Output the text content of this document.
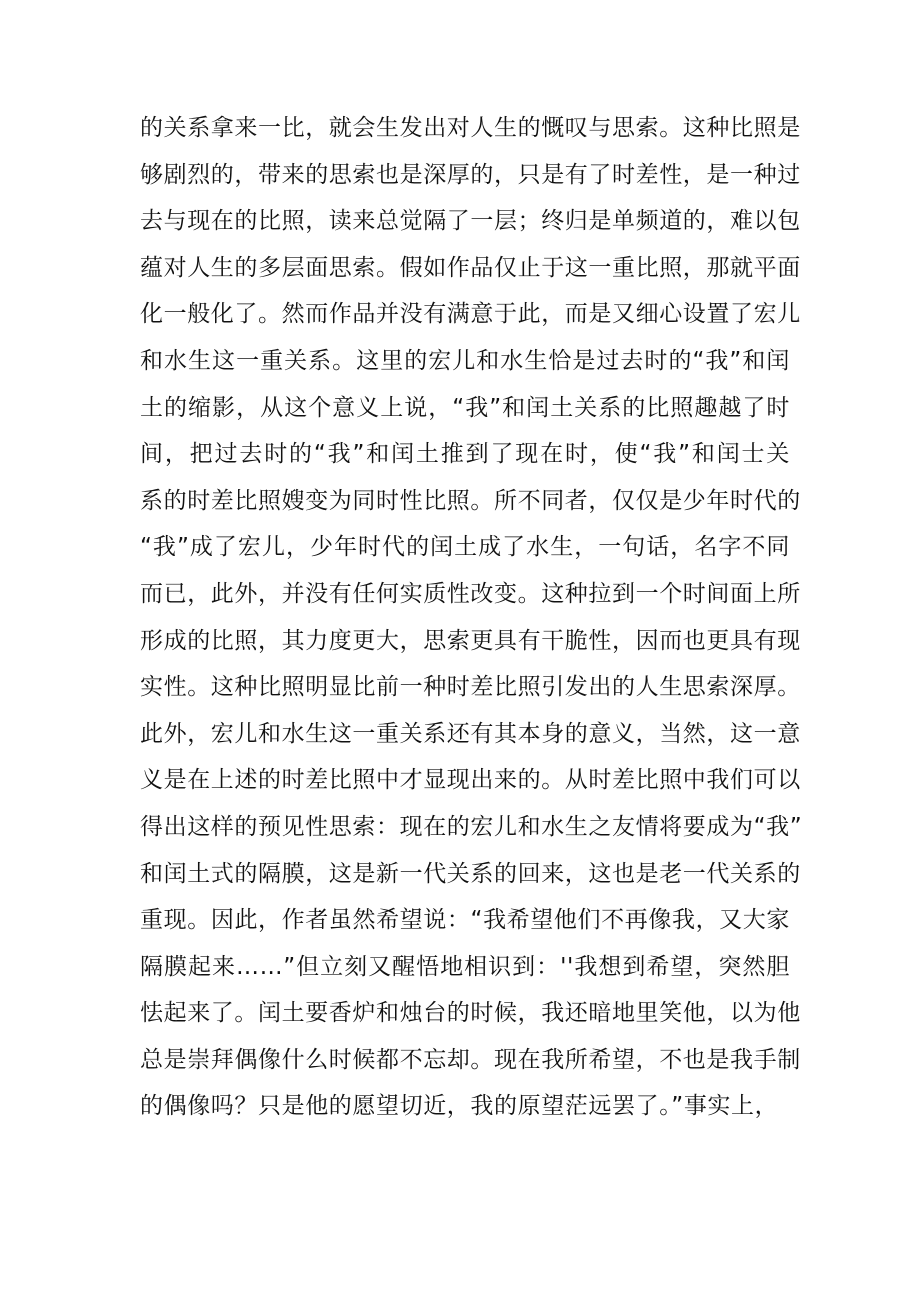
的关系拿来一比，就会生发出对人生的慨叹与思索。这种比照是
够剧烈的，带来的思索也是深厚的，只是有了时差性，是一种过
去与现在的比照，读来总觉隔了一层；终归是单频道的，难以包
蕴对人生的多层面思索。假如作品仅止于这一重比照，那就平面
化一般化了。然而作品并没有满意于此，而是又细心设置了宏儿
和水生这一重关系。这里的宏儿和水生恰是过去时的“我”和闰
土的缩影，从这个意义上说，“我”和闰土关系的比照趣越了时
间，把过去时的“我”和闰土推到了现在时，使“我”和闰士关
系的时差比照嫂变为同时性比照。所不同者，仅仅是少年时代的
“我”成了宏儿，少年时代的闰土成了水生，一句话，名字不同
而已，此外，并没有任何实质性改变。这种拉到一个时间面上所
形成的比照，其力度更大，思索更具有干脆性，因而也更具有现
实性。这种比照明显比前一种时差比照引发出的人生思索深厚。
此外，宏儿和水生这一重关系还有其本身的意义，当然，这一意
义是在上述的时差比照中才显现出来的。从时差比照中我们可以
得出这样的预见性思索：现在的宏儿和水生之友情将要成为“我”
和闰土式的隔膜，这是新一代关系的回来，这也是老一代关系的
重现。因此，作者虽然希望说：“我希望他们不再像我，又大家
隔膜起来……”但立刻又醒悟地相识到：''我想到希望，突然胆
怯起来了。闰土要香炉和烛台的时候，我还暗地里笑他，以为他
总是崇拜偶像什么时候都不忘却。现在我所希望，不也是我手制
的偶像吗？只是他的愿望切近，我的原望茫远罢了。”事实上，
